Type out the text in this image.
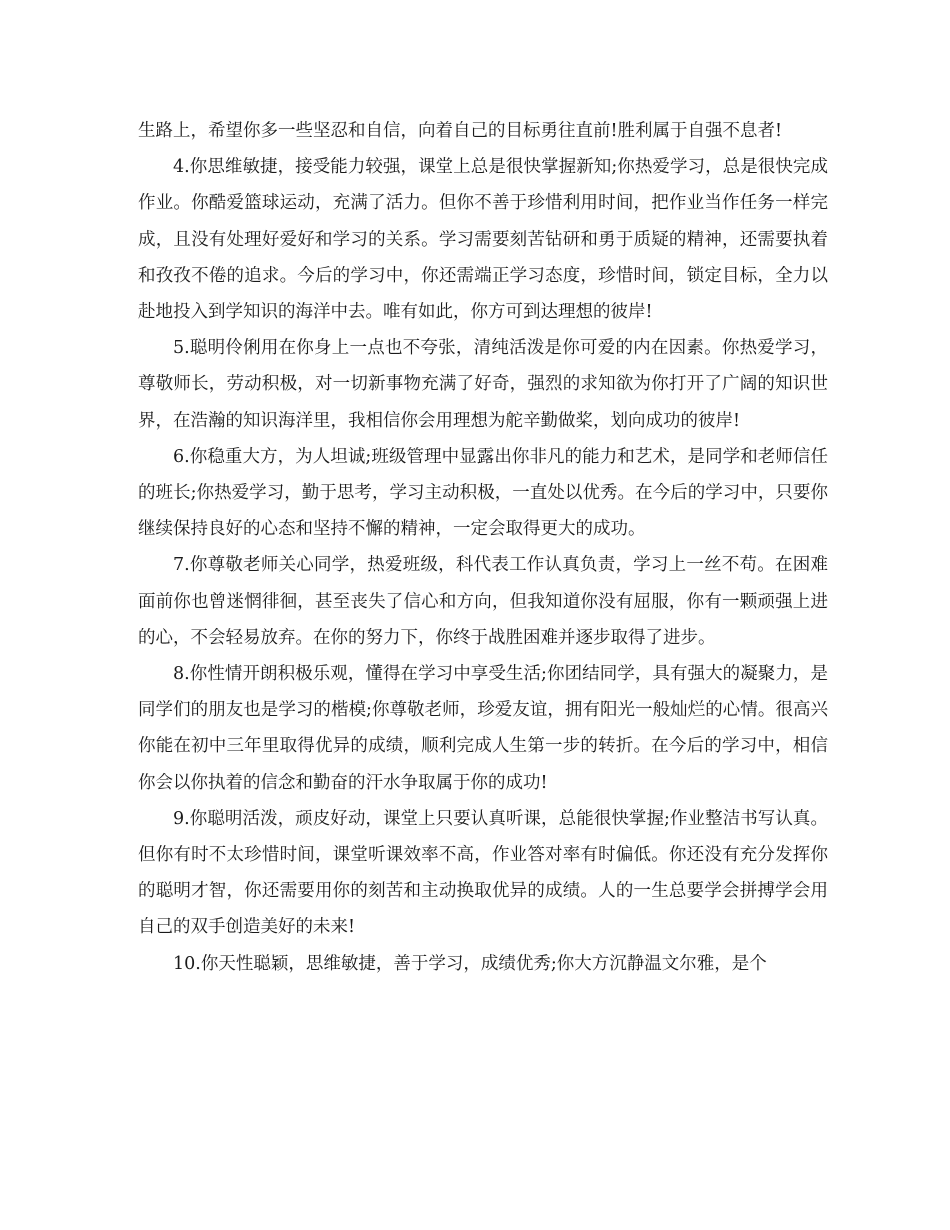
生路上，希望你多一些坚忍和自信，向着自己的目标勇往直前!胜利属于自强不息者!

4.你思维敏捷，接受能力较强，课堂上总是很快掌握新知;你热爱学习，总是很快完成作业。你酷爱篮球运动，充满了活力。但你不善于珍惜利用时间，把作业当作任务一样完成，且没有处理好爱好和学习的关系。学习需要刻苦钻研和勇于质疑的精神，还需要执着和孜孜不倦的追求。今后的学习中，你还需端正学习态度，珍惜时间，锁定目标，全力以赴地投入到学知识的海洋中去。唯有如此，你方可到达理想的彼岸!

5.聪明伶俐用在你身上一点也不夸张，清纯活泼是你可爱的内在因素。你热爱学习，尊敬师长，劳动积极，对一切新事物充满了好奇，强烈的求知欲为你打开了广阔的知识世界，在浩瀚的知识海洋里，我相信你会用理想为舵辛勤做桨，划向成功的彼岸!

6.你稳重大方，为人坦诚;班级管理中显露出你非凡的能力和艺术，是同学和老师信任的班长;你热爱学习，勤于思考，学习主动积极，一直处以优秀。在今后的学习中，只要你继续保持良好的心态和坚持不懈的精神，一定会取得更大的成功。

7.你尊敬老师关心同学，热爱班级，科代表工作认真负责，学习上一丝不苟。在困难面前你也曾迷惘徘徊，甚至丧失了信心和方向，但我知道你没有屈服，你有一颗顽强上进的心，不会轻易放弃。在你的努力下，你终于战胜困难并逐步取得了进步。

8.你性情开朗积极乐观，懂得在学习中享受生活;你团结同学，具有强大的凝聚力，是同学们的朋友也是学习的楷模;你尊敬老师，珍爱友谊，拥有阳光一般灿烂的心情。很高兴你能在初中三年里取得优异的成绩，顺利完成人生第一步的转折。在今后的学习中，相信你会以你执着的信念和勤奋的汗水争取属于你的成功!

9.你聪明活泼，顽皮好动，课堂上只要认真听课，总能很快掌握;作业整洁书写认真。但你有时不太珍惜时间，课堂听课效率不高，作业答对率有时偏低。你还没有充分发挥你的聪明才智，你还需要用你的刻苦和主动换取优异的成绩。人的一生总要学会拼搏学会用自己的双手创造美好的未来!

10.你天性聪颖，思维敏捷，善于学习，成绩优秀;你大方沉静温文尔雅，是个
